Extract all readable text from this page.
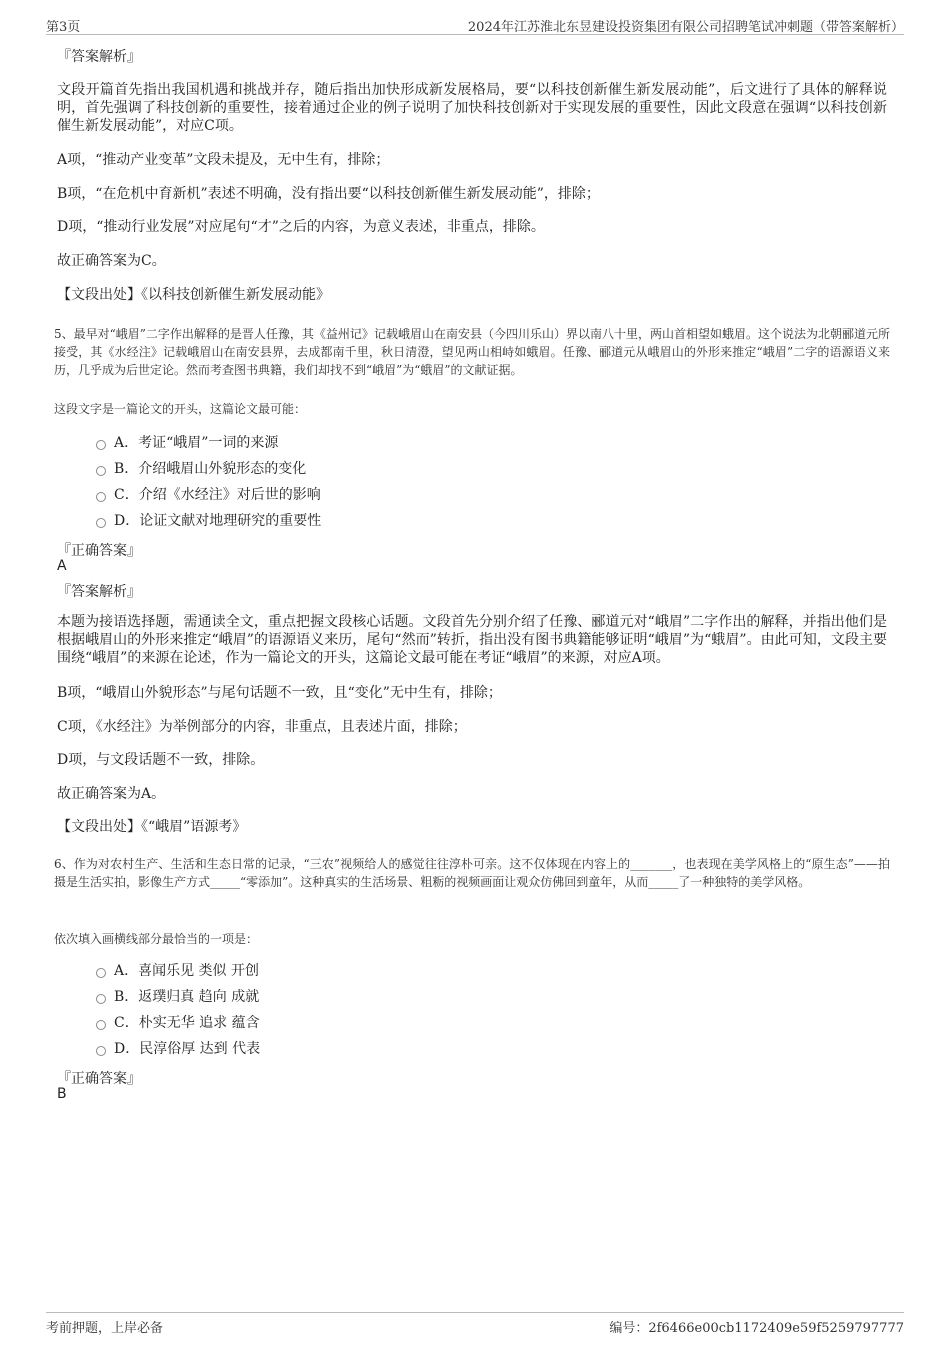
第3页	2024年江苏淮北东昱建设投资集团有限公司招聘笔试冲刺题（带答案解析）
『答案解析』
文段开篇首先指出我国机遇和挑战并存，随后指出加快形成新发展格局，要“以科技创新催生新发展动能”，后文进行了具体的解释说明，首先强调了科技创新的重要性，接着通过企业的例子说明了加快科技创新对于实现发展的重要性，因此文段意在强调“以科技创新催生新发展动能”，对应C项。
A项，“推动产业变革”文段未提及，无中生有，排除；
B项，“在危机中育新机”表述不明确，没有指出要“以科技创新催生新发展动能”，排除；
D项，“推动行业发展”对应尾句“才”之后的内容，为意义表述，非重点，排除。
故正确答案为C。
【文段出处】《以科技创新催生新发展动能》
5、最早对“峨眉”二字作出解释的是晋人任豫，其《益州记》记载峨眉山在南安县（今四川乐山）界以南八十里，两山首相望如蛾眉。这个说法为北朝郦道元所接受，其《水经注》记载峨眉山在南安县界，去成都南千里，秋日清澄，望见两山相峙如蛾眉。任豫、郦道元从峨眉山的外形来推定“峨眉”二字的语源语义来历，几乎成为后世定论。然而考查图书典籍，我们却找不到“峨眉”为“蛾眉”的文献证据。
这段文字是一篇论文的开头，这篇论文最可能：
A．考证“峨眉”一词的来源
B．介绍峨眉山外貌形态的变化
C．介绍《水经注》对后世的影响
D．论证文献对地理研究的重要性
『正确答案』
A
『答案解析』
本题为接语选择题，需通读全文，重点把握文段核心话题。文段首先分别介绍了任豫、郦道元对“峨眉”二字作出的解释，并指出他们是根据峨眉山的外形来推定“峨眉”的语源语义来历，尾句“然而”转折，指出没有图书典籍能够证明“峨眉”为“蛾眉”。由此可知，文段主要围绕“峨眉”的来源在论述，作为一篇论文的开头，这篇论文最可能在考证“峨眉”的来源，对应A项。
B项，“峨眉山外貌形态”与尾句话题不一致，且“变化”无中生有，排除；
C项，《水经注》为举例部分的内容，非重点，且表述片面，排除；
D项，与文段话题不一致，排除。
故正确答案为A。
【文段出处】《“峨眉”语源考》
6、作为对农村生产、生活和生态日常的记录，“三农”视频给人的感觉往往淳朴可亲。这不仅体现在内容上的_______，也表现在美学风格上的“原生态”——拍摄是生活实拍，影像生产方式_____“零添加”。这种真实的生活场景、粗粝的视频画面让观众仿佛回到童年，从而_____了一种独特的美学风格。
依次填入画横线部分最恰当的一项是：
A．喜闻乐见 类似 开创
B．返璞归真 趋向 成就
C．朴实无华 追求 蕴含
D．民淳俗厚 达到 代表
『正确答案』
B
考前押题，上岸必备	编号：2f6466e00cb1172409e59f5259797777
